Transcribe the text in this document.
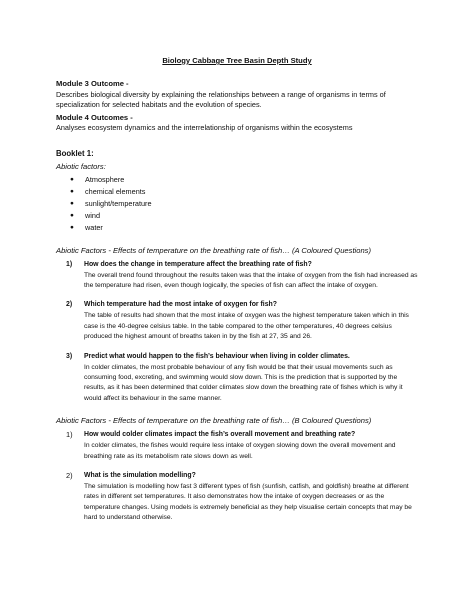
Biology Cabbage Tree Basin Depth Study
Module 3 Outcome -
Describes biological diversity by explaining the relationships between a range of organisms in terms of specialization for selected habitats and the evolution of species.
Module 4 Outcomes -
Analyses ecosystem dynamics and the interrelationship of organisms within the ecosystems
Booklet 1:
Abiotic factors:
● Atmosphere
● chemical elements
● sunlight/temperature
● wind
● water
Abiotic Factors - Effects of temperature on the breathing rate of fish… (A Coloured Questions)
1) How does the change in temperature affect the breathing rate of fish?
The overall trend found throughout the results taken was that the intake of oxygen from the fish had increased as the temperature had risen, even though logically, the species of fish can affect the intake of oxygen.
2) Which temperature had the most intake of oxygen for fish?
The table of results had shown that the most intake of oxygen was the highest temperature taken which in this case is the 40-degree celsius table. In the table compared to the other temperatures, 40 degrees celsius produced the highest amount of breaths taken in by the fish at 27, 35 and 26.
3) Predict what would happen to the fish’s behaviour when living in colder climates.
In colder climates, the most probable behaviour of any fish would be that their usual movements such as consuming food, excreting, and swimming would slow down. This is the prediction that is supported by the results, as it has been determined that colder climates slow down the breathing rate of fishes which is why it would affect its behaviour in the same manner.
Abiotic Factors - Effects of temperature on the breathing rate of fish… (B Coloured Questions)
1) How would colder climates impact the fish’s overall movement and breathing rate?
In colder climates, the fishes would require less intake of oxygen slowing down the overall movement and breathing rate as its metabolism rate slows down as well.
2) What is the simulation modelling?
The simulation is modelling how fast 3 different types of fish (sunfish, catfish, and goldfish) breathe at different rates in different set temperatures. It also demonstrates how the intake of oxygen decreases or as the temperature changes. Using models is extremely beneficial as they help visualise certain concepts that may be hard to understand otherwise.
